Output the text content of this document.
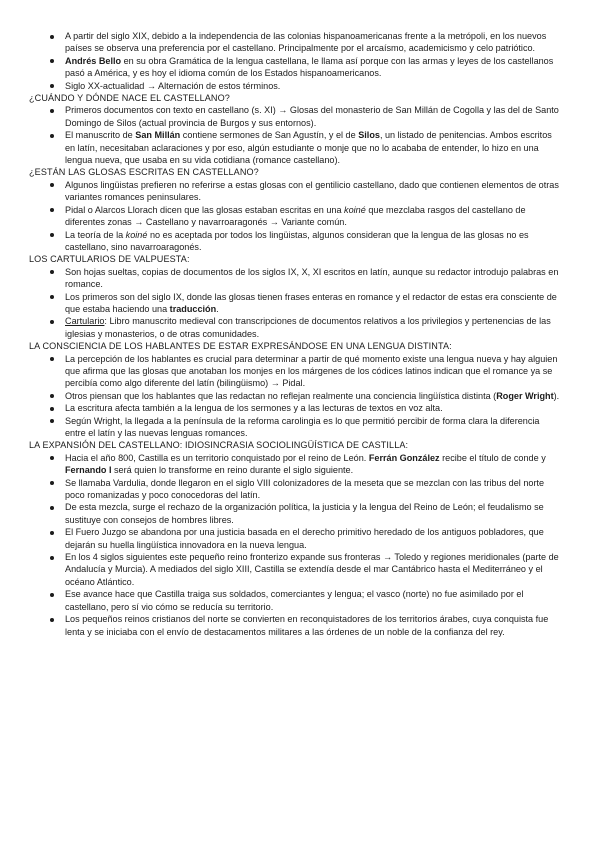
A partir del siglo XIX, debido a la independencia de las colonias hispanoamericanas frente a la metrópoli, en los nuevos países se observa una preferencia por el castellano. Principalmente por el arcaísmo, academicismo y celo patriótico.
Andrés Bello en su obra Gramática de la lengua castellana, le llama así porque con las armas y leyes de los castellanos pasó a América, y es hoy el idioma común de los Estados hispanoamericanos.
Siglo XX-actualidad → Alternación de estos términos.
¿CUÁNDO Y DÓNDE NACE EL CASTELLANO?
Primeros documentos con texto en castellano (s. XI) → Glosas del monasterio de San Millán de Cogolla y las del de Santo Domingo de Silos (actual provincia de Burgos y sus entornos).
El manuscrito de San Millán contiene sermones de San Agustín, y el de Silos, un listado de penitencias. Ambos escritos en latín, necesitaban aclaraciones y por eso, algún estudiante o monje que no lo acababa de entender, lo hizo en una lengua nueva, que usaba en su vida cotidiana (romance castellano).
¿ESTÁN LAS GLOSAS ESCRITAS EN CASTELLANO?
Algunos lingüistas prefieren no referirse a estas glosas con el gentilicio castellano, dado que contienen elementos de otras variantes romances peninsulares.
Pidal o Alarcos Llorach dicen que las glosas estaban escritas en una koiné que mezclaba rasgos del castellano de diferentes zonas → Castellano y navarroaragonés → Variante común.
La teoría de la koiné no es aceptada por todos los lingüistas, algunos consideran que la lengua de las glosas no es castellano, sino navarroaragonés.
LOS CARTULARIOS DE VALPUESTA:
Son hojas sueltas, copias de documentos de los siglos IX, X, XI escritos en latín, aunque su redactor introdujo palabras en romance.
Los primeros son del siglo IX, donde las glosas tienen frases enteras en romance y el redactor de estas era consciente de que estaba haciendo una traducción.
Cartulario: Libro manuscrito medieval con transcripciones de documentos relativos a los privilegios y pertenencias de las iglesias y monasterios, o de otras comunidades.
LA CONSCIENCIA DE LOS HABLANTES DE ESTAR EXPRESÁNDOSE EN UNA LENGUA DISTINTA:
La percepción de los hablantes es crucial para determinar a partir de qué momento existe una lengua nueva y hay alguien que afirma que las glosas que anotaban los monjes en los márgenes de los códices latinos indican que el romance ya se percibía como algo diferente del latín (bilingüismo) → Pidal.
Otros piensan que los hablantes que las redactan no reflejan realmente una conciencia lingüística distinta (Roger Wright).
La escritura afecta también a la lengua de los sermones y a las lecturas de textos en voz alta.
Según Wright, la llegada a la península de la reforma carolingia es lo que permitió percibir de forma clara la diferencia entre el latín y las nuevas lenguas romances.
LA EXPANSIÓN DEL CASTELLANO: IDIOSINCRASIA SOCIOLINGÜÍSTICA DE CASTILLA:
Hacia el año 800, Castilla es un territorio conquistado por el reino de León. Ferrán González recibe el título de conde y Fernando I será quien lo transforme en reino durante el siglo siguiente.
Se llamaba Vardulia, donde llegaron en el siglo VIII colonizadores de la meseta que se mezclan con las tribus del norte poco romanizadas y poco conocedoras del latín.
De esta mezcla, surge el rechazo de la organización política, la justicia y la lengua del Reino de León; el feudalismo se sustituye con consejos de hombres libres.
El Fuero Juzgo se abandona por una justicia basada en el derecho primitivo heredado de los antiguos pobladores, que dejarán su huella lingüística innovadora en la nueva lengua.
En los 4 siglos siguientes este pequeño reino fronterizo expande sus fronteras → Toledo y regiones meridionales (parte de Andalucía y Murcia). A mediados del siglo XIII, Castilla se extendía desde el mar Cantábrico hasta el Mediterráneo y el océano Atlántico.
Ese avance hace que Castilla traiga sus soldados, comerciantes y lengua; el vasco (norte) no fue asimilado por el castellano, pero sí vio cómo se reducía su territorio.
Los pequeños reinos cristianos del norte se convierten en reconquistadores de los territorios árabes, cuya conquista fue lenta y se iniciaba con el envío de destacamentos militares a las órdenes de un noble de la confianza del rey.
